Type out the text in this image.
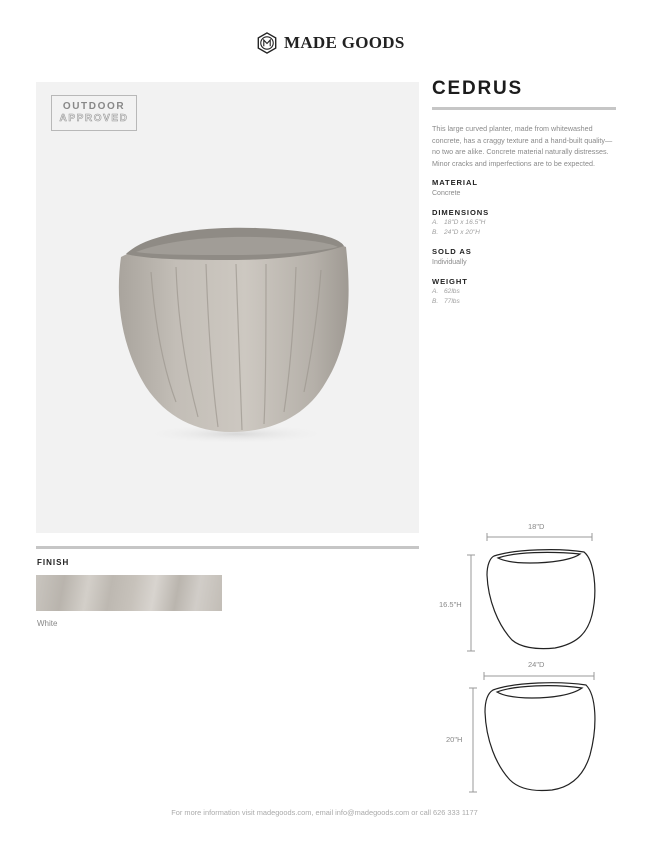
MADE GOODS
OUTDOOR
APPROVED
FINISH
White
CEDRUS
This large curved planter, made from whitewashed concrete, has a craggy texture and a hand-built quality—no two are alike. Concrete material naturally distresses. Minor cracks and imperfections are to be expected.
MATERIAL
Concrete
DIMENSIONS
A. 18"D x 16.5"H
B. 24"D x 20"H
SOLD AS
Individually
WEIGHT
A. 62lbs
B. 77lbs
18"D
16.5"H
24"D
20"H
For more information visit madegoods.com, email info@madegoods.com or call 626 333 1177
